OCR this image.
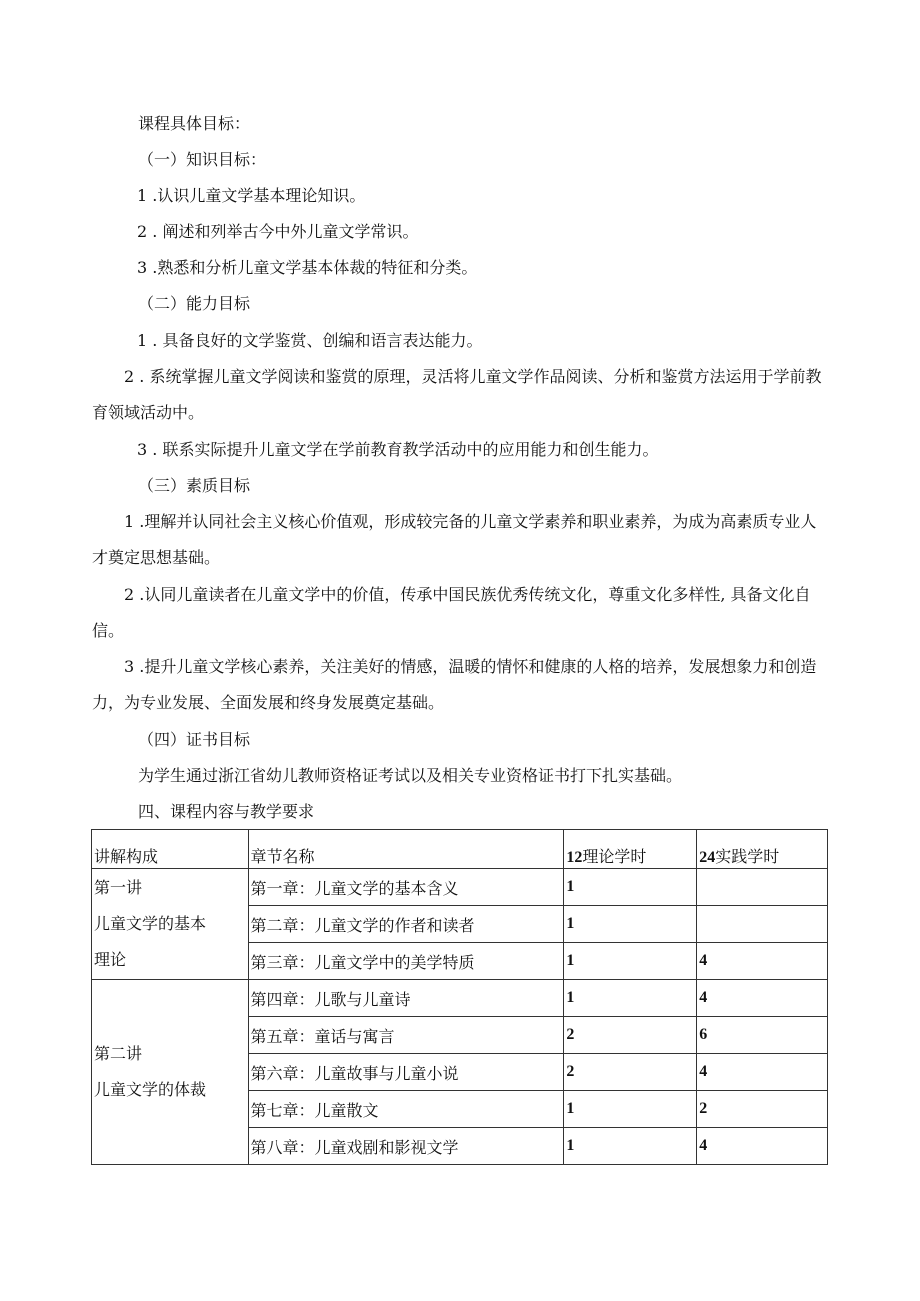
课程具体目标：
（一）知识目标：
1 .认识儿童文学基本理论知识。
2 . 阐述和列举古今中外儿童文学常识。
3 .熟悉和分析儿童文学基本体裁的特征和分类。
（二）能力目标
1 . 具备良好的文学鉴赏、创编和语言表达能力。
2 . 系统掌握儿童文学阅读和鉴赏的原理，灵活将儿童文学作品阅读、分析和鉴赏方法运用于学前教育领域活动中。
3 . 联系实际提升儿童文学在学前教育教学活动中的应用能力和创生能力。
（三）素质目标
1 .理解并认同社会主义核心价值观，形成较完备的儿童文学素养和职业素养，为成为高素质专业人才奠定思想基础。
2 .认同儿童读者在儿童文学中的价值，传承中国民族优秀传统文化，尊重文化多样性, 具备文化自信。
3 .提升儿童文学核心素养，关注美好的情感，温暖的情怀和健康的人格的培养，发展想象力和创造力，为专业发展、全面发展和终身发展奠定基础。
（四）证书目标
为学生通过浙江省幼儿教师资格证考试以及相关专业资格证书打下扎实基础。
四、课程内容与教学要求
讲解构成	章节名称	12理论学时	24实践学时

第一讲
儿童文学的基本
理论	第一章：儿童文学的基本含义	1	
	第二章：儿童文学的作者和读者	1	
	第三章：儿童文学中的美学特质	1	4

第二讲
儿童文学的体裁	第四章：儿歌与儿童诗	1	4
	第五章：童话与寓言	2	6
	第六章：儿童故事与儿童小说	2	4
	第七章：儿童散文	1	2
	第八章：儿童戏剧和影视文学	1	4
